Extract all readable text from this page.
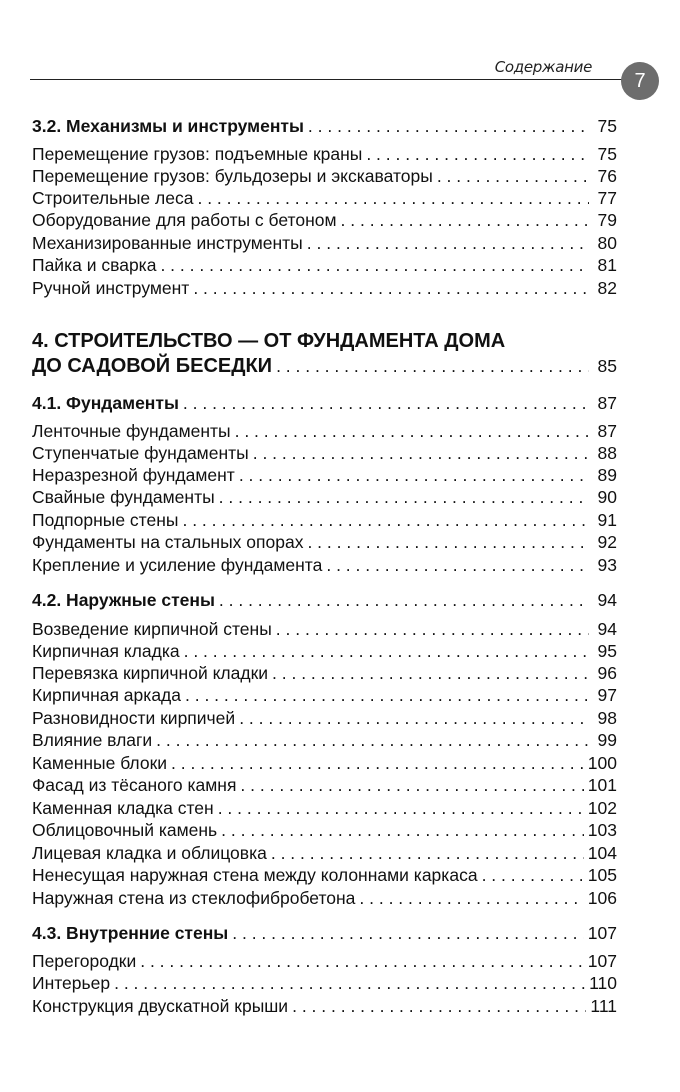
Содержание
7
3.2. Механизмы и инструменты . . .	75
Перемещение грузов: подъемные краны . . .	75
Перемещение грузов: бульдозеры и экскаваторы . . .	76
Строительные леса . . .	77
Оборудование для работы с бетоном . . .	79
Механизированные инструменты . . .	80
Пайка и сварка . . .	81
Ручной инструмент . . .	82
4. СТРОИТЕЛЬСТВО — ОТ ФУНДАМЕНТА ДОМА
ДО САДОВОЙ БЕСЕДКИ . . .	85
4.1. Фундаменты . . .	87
Ленточные фундаменты . . .	87
Ступенчатые фундаменты . . .	88
Неразрезной фундамент . . .	89
Свайные фундаменты . . .	90
Подпорные стены . . .	91
Фундаменты на стальных опорах . . .	92
Крепление и усиление фундамента . . .	93
4.2. Наружные стены . . .	94
Возведение кирпичной стены . . .	94
Кирпичная кладка . . .	95
Перевязка кирпичной кладки . . .	96
Кирпичная аркада . . .	97
Разновидности кирпичей . . .	98
Влияние влаги . . .	99
Каменные блоки . . .	100
Фасад из тёсаного камня . . .	101
Каменная кладка стен . . .	102
Облицовочный камень . . .	103
Лицевая кладка и облицовка . . .	104
Ненесущая наружная стена между колоннами каркаса . . .	105
Наружная стена из стеклофибробетона . . .	106
4.3. Внутренние стены . . .	107
Перегородки . . .	107
Интерьер . . .	110
Конструкция двускатной крыши . . .	111
